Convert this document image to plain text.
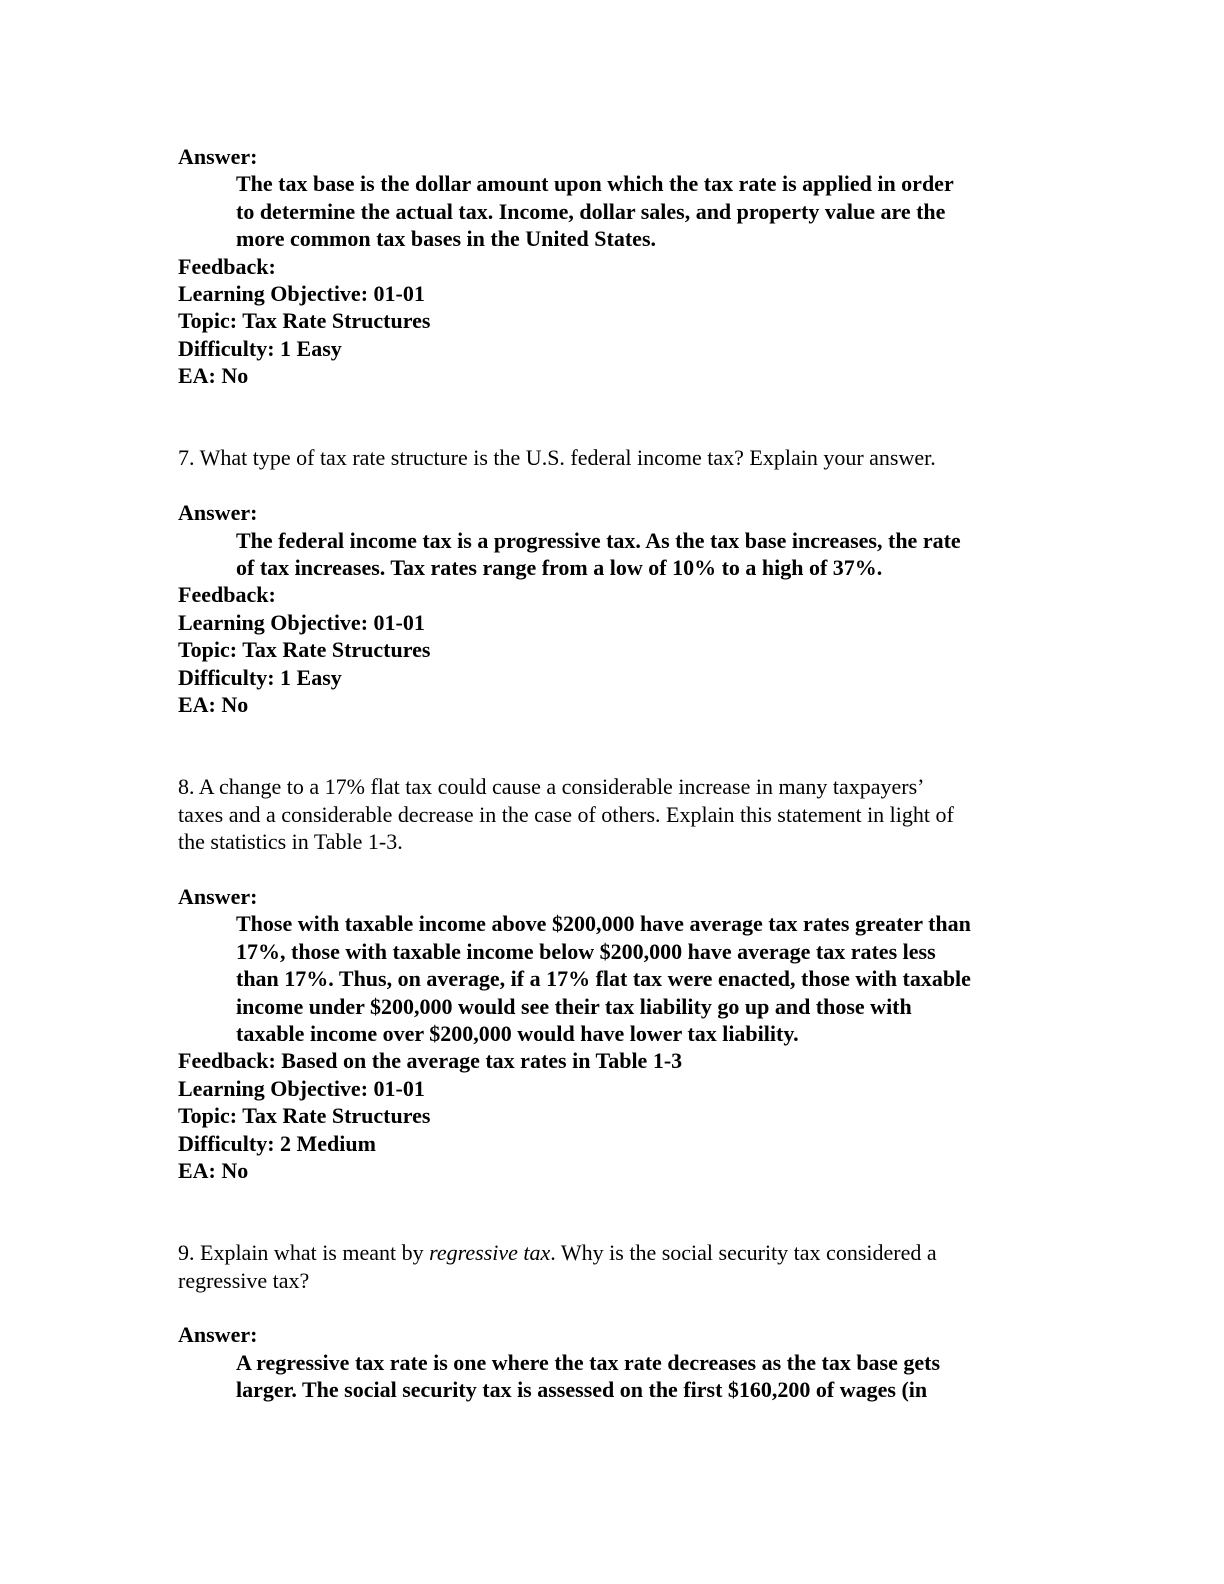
Answer:
The tax base is the dollar amount upon which the tax rate is applied in order
to determine the actual tax. Income, dollar sales, and property value are the
more common tax bases in the United States.
Feedback:
Learning Objective: 01-01
Topic: Tax Rate Structures
Difficulty: 1 Easy
EA: No
7. What type of tax rate structure is the U.S. federal income tax? Explain your answer.
Answer:
The federal income tax is a progressive tax. As the tax base increases, the rate
of tax increases. Tax rates range from a low of 10% to a high of 37%.
Feedback:
Learning Objective: 01-01
Topic: Tax Rate Structures
Difficulty: 1 Easy
EA: No
8. A change to a 17% flat tax could cause a considerable increase in many taxpayers’
taxes and a considerable decrease in the case of others. Explain this statement in light of
the statistics in Table 1-3.
Answer:
Those with taxable income above $200,000 have average tax rates greater than
17%, those with taxable income below $200,000 have average tax rates less
than 17%. Thus, on average, if a 17% flat tax were enacted, those with taxable
income under $200,000 would see their tax liability go up and those with
taxable income over $200,000 would have lower tax liability.
Feedback: Based on the average tax rates in Table 1-3
Learning Objective: 01-01
Topic: Tax Rate Structures
Difficulty: 2 Medium
EA: No
9. Explain what is meant by regressive tax. Why is the social security tax considered a
regressive tax?
Answer:
A regressive tax rate is one where the tax rate decreases as the tax base gets
larger. The social security tax is assessed on the first $160,200 of wages (in
